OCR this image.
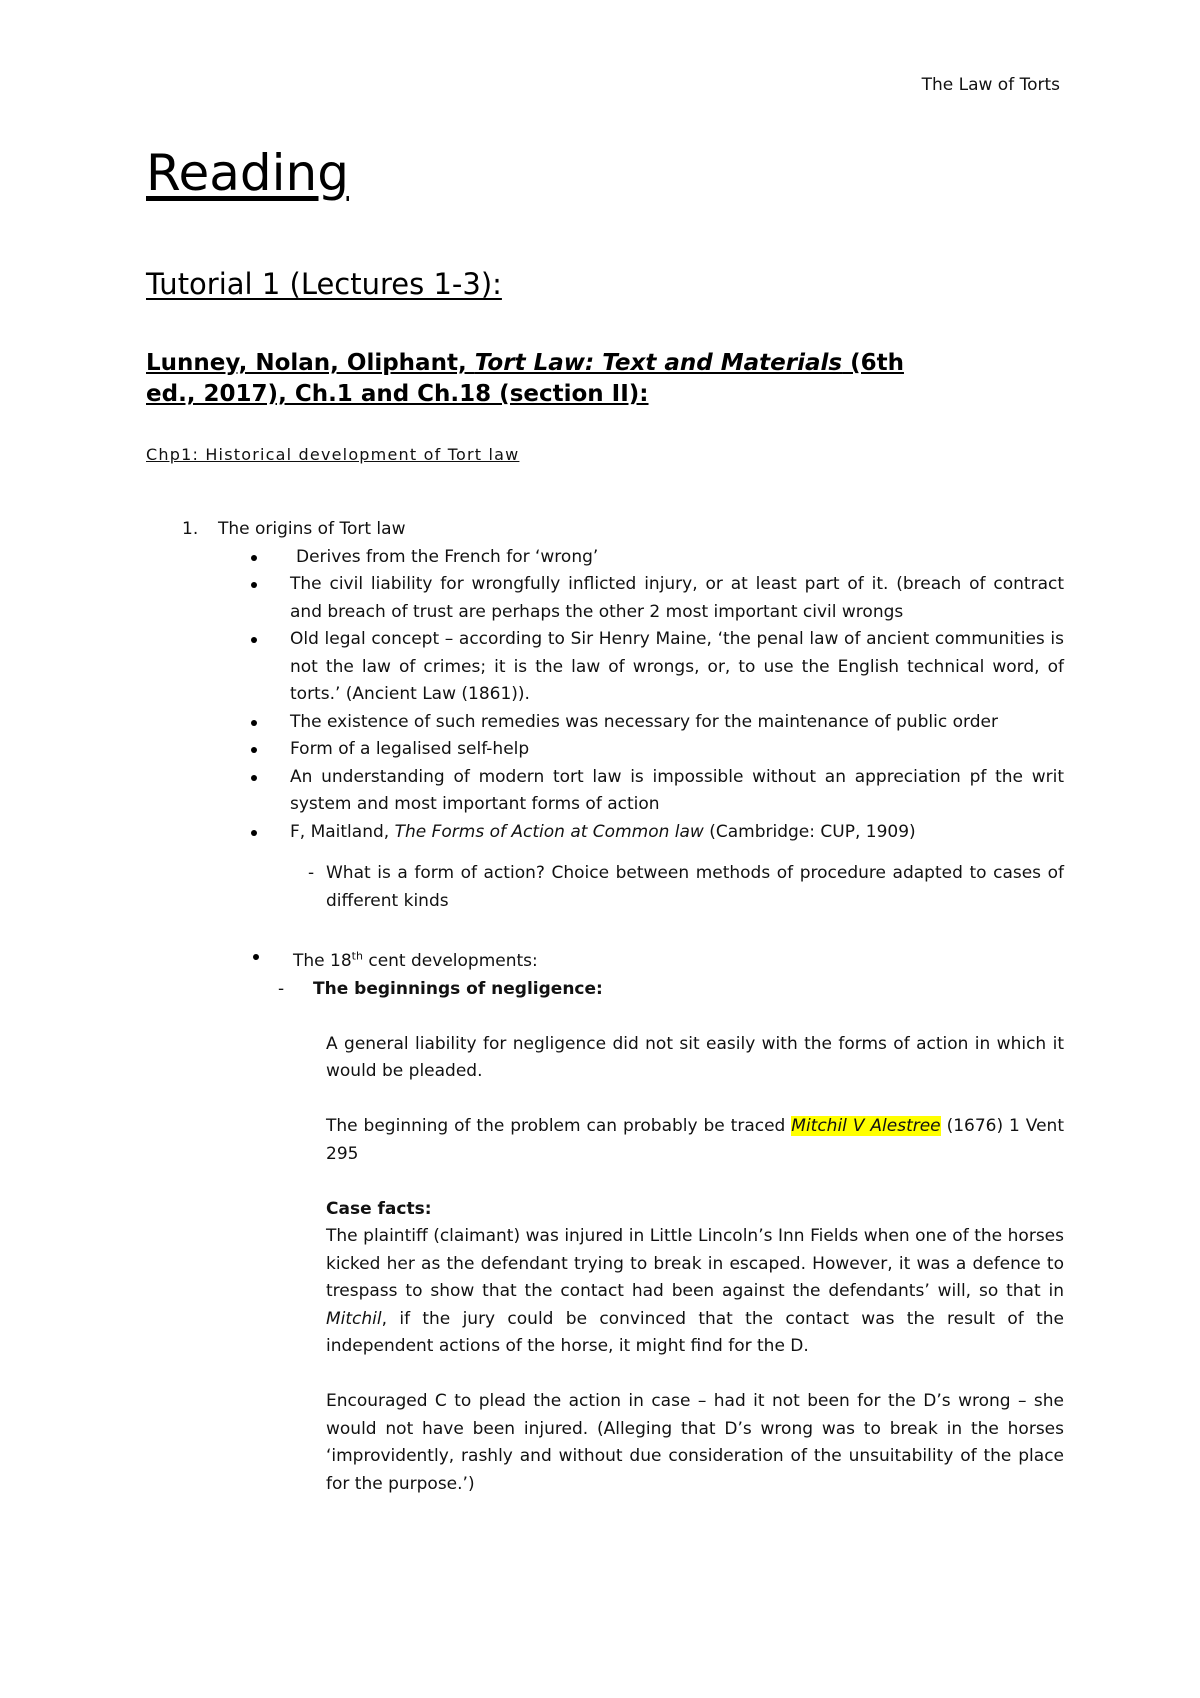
The Law of Torts
Reading
Tutorial 1 (Lectures 1-3):
Lunney, Nolan, Oliphant, Tort Law: Text and Materials (6th
ed., 2017), Ch.1 and Ch.18 (section II):
Chp1: Historical development of Tort law
1. The origins of Tort law
Derives from the French for ‘wrong’
The civil liability for wrongfully inflicted injury, or at least part of it. (breach of contract and breach of trust are perhaps the other 2 most important civil wrongs
Old legal concept – according to Sir Henry Maine, ‘the penal law of ancient communities is not the law of crimes; it is the law of wrongs, or, to use the English technical word, of torts.’ (Ancient Law (1861)).
The existence of such remedies was necessary for the maintenance of public order
Form of a legalised self-help
An understanding of modern tort law is impossible without an appreciation pf the writ system and most important forms of action
F, Maitland, The Forms of Action at Common law (Cambridge: CUP, 1909)
- What is a form of action? Choice between methods of procedure adapted to cases of different kinds
The 18th cent developments:
-	The beginnings of negligence:
A general liability for negligence did not sit easily with the forms of action in which it would be pleaded.
The beginning of the problem can probably be traced Mitchil V Alestree (1676) 1 Vent 295
Case facts:
The plaintiff (claimant) was injured in Little Lincoln’s Inn Fields when one of the horses kicked her as the defendant trying to break in escaped. However, it was a defence to trespass to show that the contact had been against the defendants’ will, so that in Mitchil, if the jury could be convinced that the contact was the result of the independent actions of the horse, it might find for the D.
Encouraged C to plead the action in case – had it not been for the D’s wrong – she would not have been injured. (Alleging that D’s wrong was to break in the horses ‘improvidently, rashly and without due consideration of the unsuitability of the place for the purpose.’)
